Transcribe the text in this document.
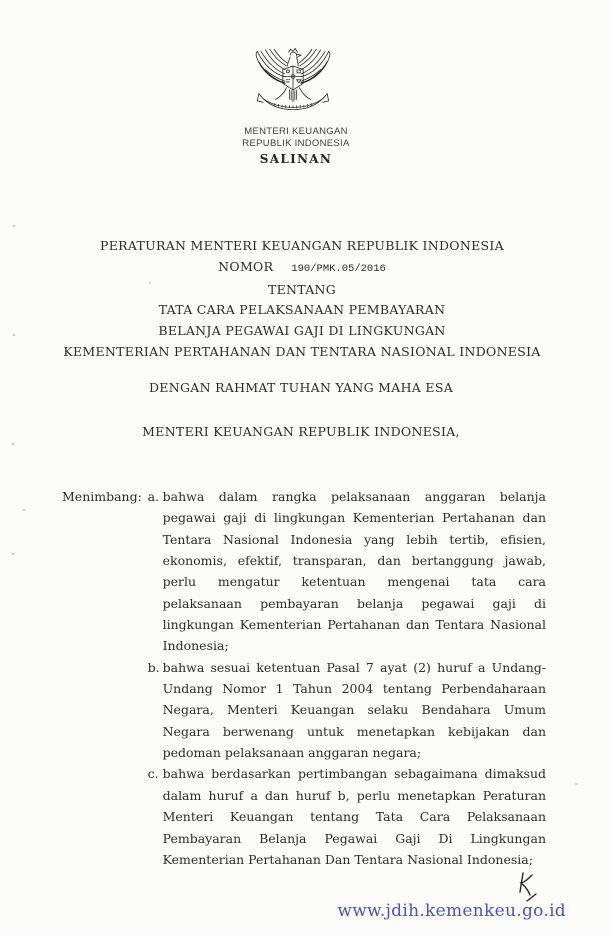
MENTERI KEUANGAN
REPUBLIK INDONESIA
SALINAN
PERATURAN MENTERI KEUANGAN REPUBLIK INDONESIA
NOMOR 190/PMK.05/2016
TENTANG
TATA CARA PELAKSANAAN PEMBAYARAN
BELANJA PEGAWAI GAJI DI LINGKUNGAN
KEMENTERIAN PERTAHANAN DAN TENTARA NASIONAL INDONESIA
DENGAN RAHMAT TUHAN YANG MAHA ESA
MENTERI KEUANGAN REPUBLIK INDONESIA,
Menimbang : a. bahwa dalam rangka pelaksanaan anggaran belanja
pegawai gaji di lingkungan Kementerian Pertahanan dan
Tentara Nasional Indonesia yang lebih tertib, efisien,
ekonomis, efektif, transparan, dan bertanggung jawab,
perlu mengatur ketentuan mengenai tata cara
pelaksanaan pembayaran belanja pegawai gaji di
lingkungan Kementerian Pertahanan dan Tentara Nasional
Indonesia;
b. bahwa sesuai ketentuan Pasal 7 ayat (2) huruf a Undang-
Undang Nomor 1 Tahun 2004 tentang Perbendaharaan
Negara, Menteri Keuangan selaku Bendahara Umum
Negara berwenang untuk menetapkan kebijakan dan
pedoman pelaksanaan anggaran negara;
c. bahwa berdasarkan pertimbangan sebagaimana dimaksud
dalam huruf a dan huruf b, perlu menetapkan Peraturan
Menteri Keuangan tentang Tata Cara Pelaksanaan
Pembayaran Belanja Pegawai Gaji Di Lingkungan
Kementerian Pertahanan Dan Tentara Nasional Indonesia;
www.jdih.kemenkeu.go.id
